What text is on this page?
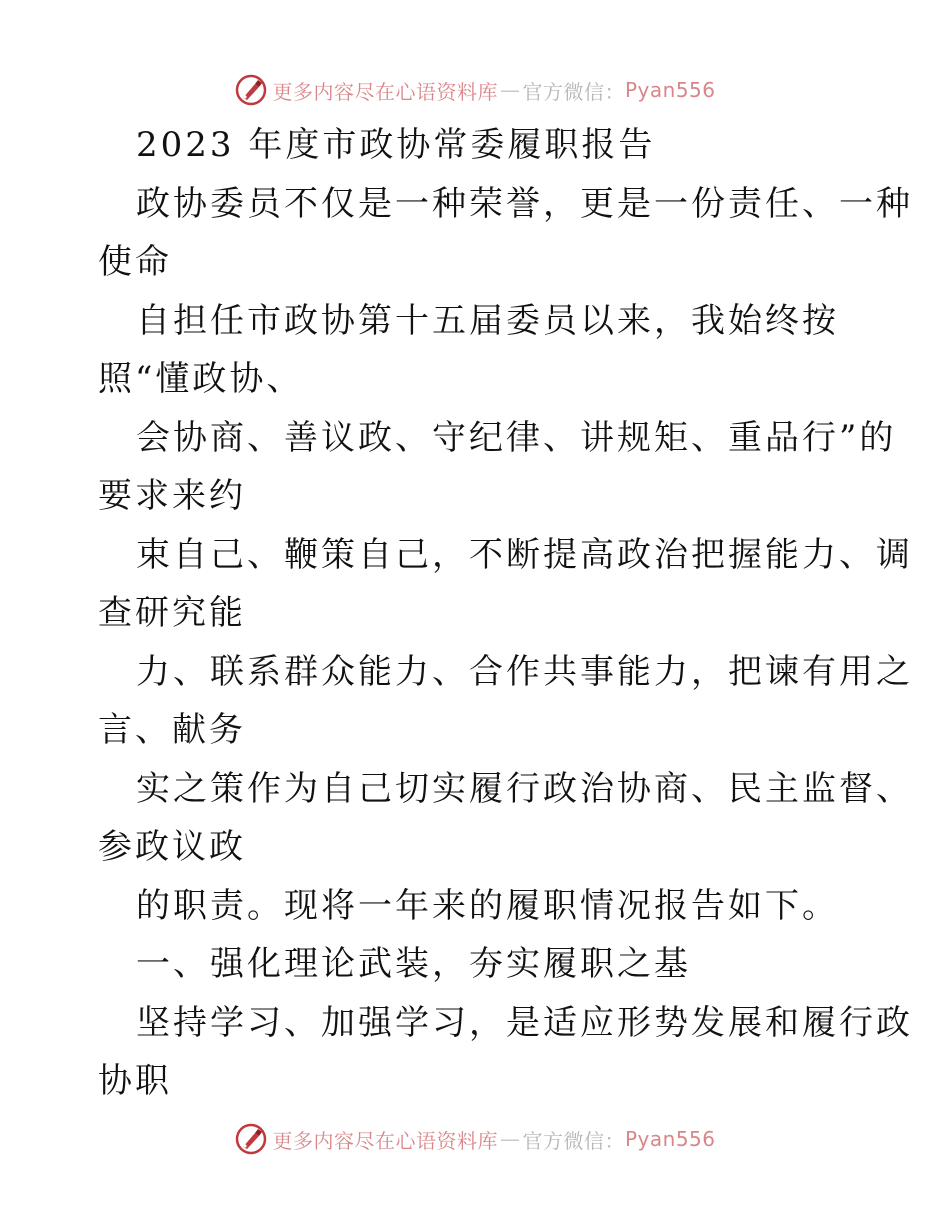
更多内容尽在心语资料库 — 官方微信： Pyan556
2023 年度市政协常委履职报告
政协委员不仅是一种荣誉，更是一份责任、一种
使命
自担任市政协第十五届委员以来，我始终按
照“懂政协、
会协商、善议政、守纪律、讲规矩、重品行”的
要求来约
束自己、鞭策自己，不断提高政治把握能力、调
查研究能
力、联系群众能力、合作共事能力，把谏有用之
言、献务
实之策作为自己切实履行政治协商、民主监督、
参政议政
的职责。现将一年来的履职情况报告如下。
一、强化理论武装，夯实履职之基
坚持学习、加强学习，是适应形势发展和履行政
协职
更多内容尽在心语资料库 — 官方微信： Pyan556
